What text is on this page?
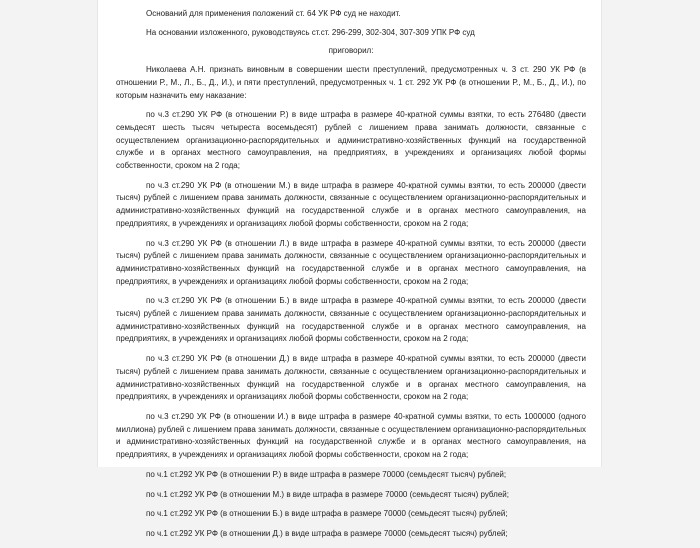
Оснований для применения положений ст. 64 УК РФ суд не находит.

На основании изложенного, руководствуясь ст.ст. 296-299, 302-304, 307-309 УПК РФ суд

приговорил:

Николаева А.Н. признать виновным в совершении шести преступлений, предусмотренных ч. 3 ст. 290 УК РФ (в отношении Р., М., Л., Б., Д., И.), и пяти преступлений, предусмотренных ч. 1 ст. 292 УК РФ (в отношении Р., М., Б., Д., И.), по которым назначить ему наказание:

по ч.3 ст.290 УК РФ (в отношении Р.) в виде штрафа в размере 40-кратной суммы взятки, то есть 276480 (двести семьдесят шесть тысяч четыреста восемьдесят) рублей с лишением права занимать должности, связанные с осуществлением организационно-распорядительных и административно-хозяйственных функций на государственной службе и в органах местного самоуправления, на предприятиях, в учреждениях и организациях любой формы собственности, сроком на 2 года;

по ч.3 ст.290 УК РФ (в отношении М.) в виде штрафа в размере 40-кратной суммы взятки, то есть 200000 (двести тысяч) рублей с лишением права занимать должности, связанные с осуществлением организационно-распорядительных и административно-хозяйственных функций на государственной службе и в органах местного самоуправления, на предприятиях, в учреждениях и организациях любой формы собственности, сроком на 2 года;

по ч.3 ст.290 УК РФ (в отношении Л.) в виде штрафа в размере 40-кратной суммы взятки, то есть 200000 (двести тысяч) рублей с лишением права занимать должности, связанные с осуществлением организационно-распорядительных и административно-хозяйственных функций на государственной службе и в органах местного самоуправления, на предприятиях, в учреждениях и организациях любой формы собственности, сроком на 2 года;

по ч.3 ст.290 УК РФ (в отношении Б.) в виде штрафа в размере 40-кратной суммы взятки, то есть 200000 (двести тысяч) рублей с лишением права занимать должности, связанные с осуществлением организационно-распорядительных и административно-хозяйственных функций на государственной службе и в органах местного самоуправления, на предприятиях, в учреждениях и организациях любой формы собственности, сроком на 2 года;

по ч.3 ст.290 УК РФ (в отношении Д.) в виде штрафа в размере 40-кратной суммы взятки, то есть 200000 (двести тысяч) рублей с лишением права занимать должности, связанные с осуществлением организационно-распорядительных и административно-хозяйственных функций на государственной службе и в органах местного самоуправления, на предприятиях, в учреждениях и организациях любой формы собственности, сроком на 2 года;

по ч.3 ст.290 УК РФ (в отношении И.) в виде штрафа в размере 40-кратной суммы взятки, то есть 1000000 (одного миллиона) рублей с лишением права занимать должности, связанные с осуществлением организационно-распорядительных и административно-хозяйственных функций на государственной службе и в органах местного самоуправления, на предприятиях, в учреждениях и организациях любой формы собственности, сроком на 2 года;

по ч.1 ст.292 УК РФ (в отношении Р.) в виде штрафа в размере 70000 (семьдесят тысяч) рублей;

по ч.1 ст.292 УК РФ (в отношении М.) в виде штрафа в размере 70000 (семьдесят тысяч) рублей;

по ч.1 ст.292 УК РФ (в отношении Б.) в виде штрафа в размере 70000 (семьдесят тысяч) рублей;

по ч.1 ст.292 УК РФ (в отношении Д.) в виде штрафа в размере 70000 (семьдесят тысяч) рублей;
